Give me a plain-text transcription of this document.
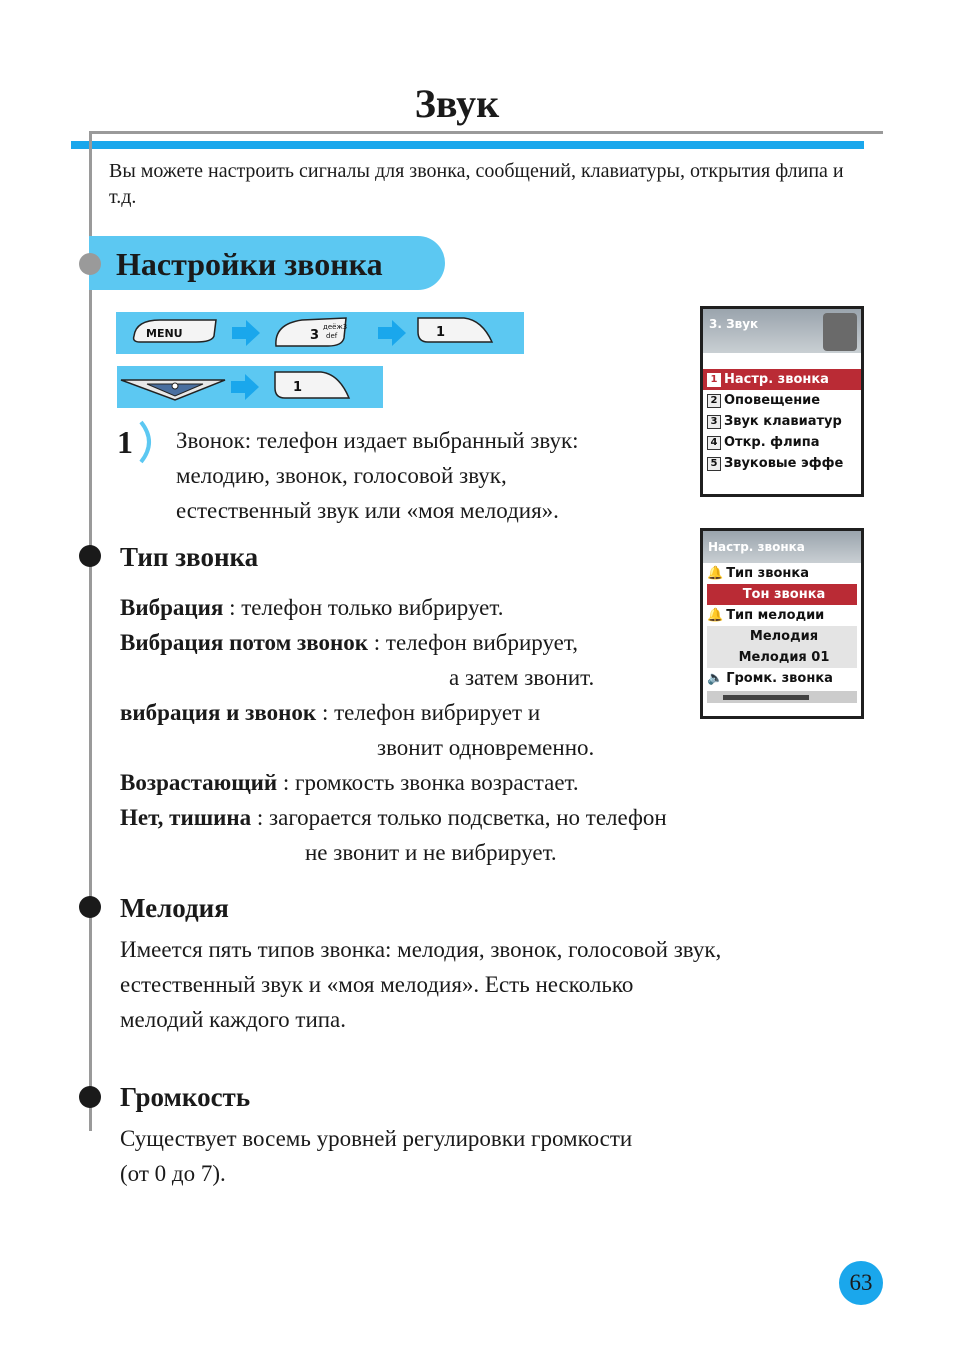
Звук
Вы можете настроить сигналы для звонка, сообщений, клавиатуры, открытия флипа и т.д.
Настройки звонка
MENU	3
деёж3
def	1
1
1 Звонок: телефон издает выбранный звук:
мелодию, звонок, голосовой звук,
естественный звук или «моя мелодия».
3. Звук
1 Настр. звонка
2 Оповещение
3 Звук клавиатур
4 Откр. флипа
5 Звуковые эффе
Настр. звонка
🔔 Тип звонка
Тон звонка
🔔 Тип мелодии
Мелодия
Мелодия 01
🔈 Громк. звонка
Тип звонка
Вибрация : телефон только вибрирует.
Вибрация потом звонок : телефон вибрирует,
а затем звонит.
вибрация и звонок : телефон вибрирует и
звонит одновременно.
Возрастающий : громкость звонка возрастает.
Нет, тишина : загорается только подсветка, но телефон
не звонит и не вибрирует.
Мелодия
Имеется пять типов звонка: мелодия, звонок, голосовой звук,
естественный звук и «моя мелодия». Есть несколько
мелодий каждого типа.
Громкость
Существует восемь уровней регулировки громкости
(от 0 до 7).
63
